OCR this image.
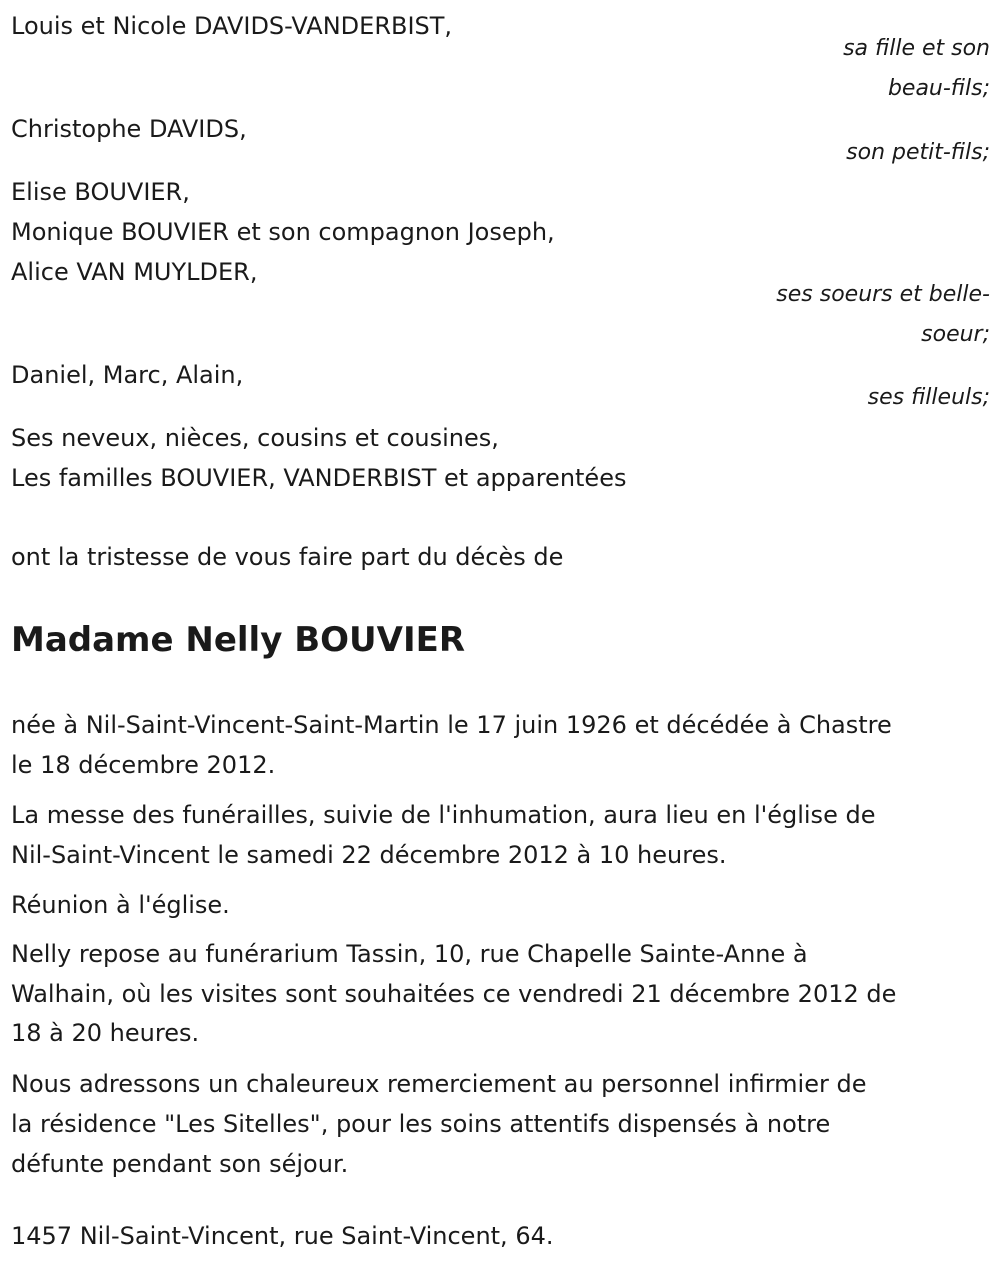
Louis et Nicole DAVIDS-VANDERBIST,
sa fille et son
beau-fils;
Christophe DAVIDS,
son petit-fils;
Elise BOUVIER,
Monique BOUVIER et son compagnon Joseph,
Alice VAN MUYLDER,
ses soeurs et belle-
soeur;
Daniel, Marc, Alain,
ses filleuls;
Ses neveux, nièces, cousins et cousines,
Les familles BOUVIER, VANDERBIST et apparentées
ont la tristesse de vous faire part du décès de
Madame Nelly BOUVIER
née à Nil-Saint-Vincent-Saint-Martin le 17 juin 1926 et décédée à Chastre
le 18 décembre 2012.
La messe des funérailles, suivie de l'inhumation, aura lieu en l'église de
Nil-Saint-Vincent le samedi 22 décembre 2012 à 10 heures.
Réunion à l'église.
Nelly repose au funérarium Tassin, 10, rue Chapelle Sainte-Anne à
Walhain, où les visites sont souhaitées ce vendredi 21 décembre 2012 de
18 à 20 heures.
Nous adressons un chaleureux remerciement au personnel infirmier de
la résidence "Les Sitelles", pour les soins attentifs dispensés à notre
défunte pendant son séjour.
1457 Nil-Saint-Vincent, rue Saint-Vincent, 64.
